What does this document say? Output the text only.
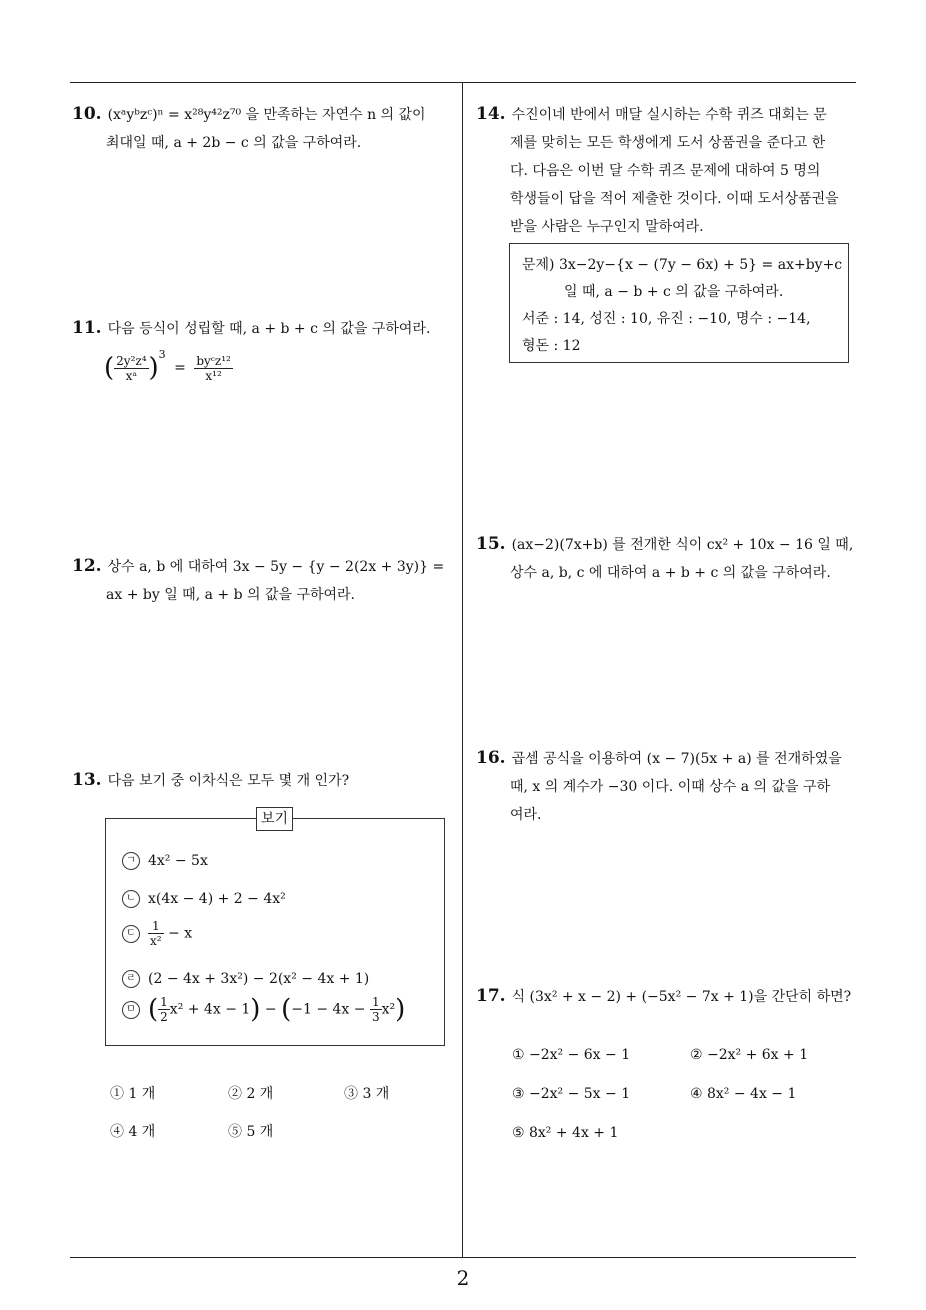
10. (xᵃyᵇzᶜ)ⁿ = x²⁸y⁴²z⁷⁰ 을 만족하는 자연수 n 의 값이
최대일 때, a + 2b − c 의 값을 구하여라.
11. 다음 등식이 성립할 때, a + b + c 의 값을 구하여라.
( $\frac{\text{2y²z⁴}}{\text{xᵃ}} )^3 = \frac{\text{byᶜz¹²}}{\text{x¹²}}$
12. 상수 a, b 에 대하여 3x − 5y − {y − 2(2x + 3y)} =
ax + by 일 때, a + b 의 값을 구하여라.
13. 다음 보기 중 이차식은 모두 몇 개 인가?
보기
ㄱ 4x² − 5x
ㄴ x(4x − 4) + 2 − 4x²
ㄷ $\frac{1}{\text{x²}} - x$
ㄹ (2 − 4x + 3x²) − 2(x² − 4x + 1)
ㅁ ( $\frac{1}{2} x^2 + 4x - 1) - (-1 - 4x - \frac{1}{3} x^2)$
① 1 개	② 2 개	③ 3 개
④ 4 개	⑤ 5 개
14. 수진이네 반에서 매달 실시하는 수학 퀴즈 대회는 문
제를 맞히는 모든 학생에게 도서 상품권을 준다고 한
다. 다음은 이번 달 수학 퀴즈 문제에 대하여 5 명의
학생들이 답을 적어 제출한 것이다. 이때 도서상품권을
받을 사람은 누구인지 말하여라.
문제) 3x−2y−{x − (7y − 6x) + 5} = ax+by+c
일 때, a − b + c 의 값을 구하여라.
서준 : 14, 성진 : 10, 유진 : −10, 명수 : −14,
형돈 : 12
15. (ax−2)(7x+b) 를 전개한 식이 cx² + 10x − 16 일 때,
상수 a, b, c 에 대하여 a + b + c 의 값을 구하여라.
16. 곱셈 공식을 이용하여 (x − 7)(5x + a) 를 전개하였을
때, x 의 계수가 −30 이다. 이때 상수 a 의 값을 구하
여라.
17. 식 (3x² + x − 2) + (−5x² − 7x + 1)을 간단히 하면?
① −2x² − 6x − 1	② −2x² + 6x + 1
③ −2x² − 5x − 1	④ 8x² − 4x − 1
⑤ 8x² + 4x + 1
2
